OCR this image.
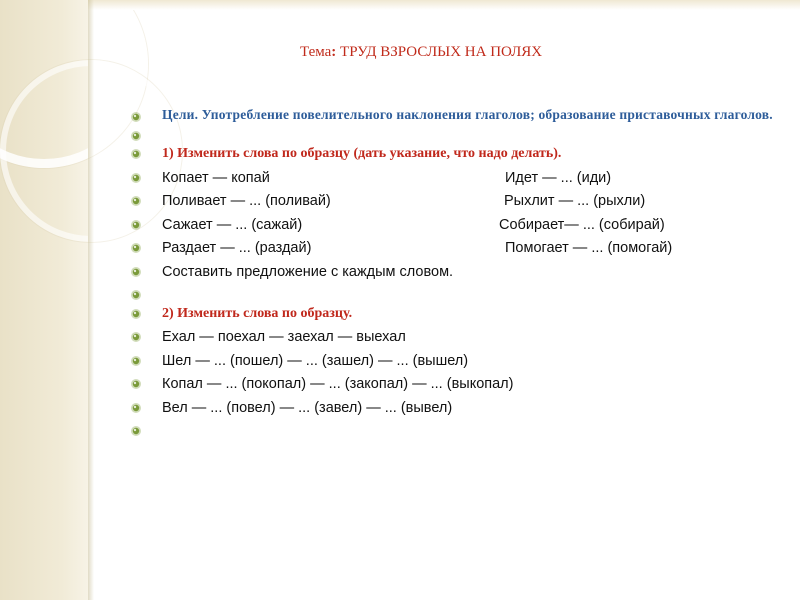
Тема: ТРУД ВЗРОСЛЫХ НА ПОЛЯХ
Цели. Употребление повелительного наклонения глаголов; образование приставочных глаголов.
1) Изменить слова по образцу (дать указание, что надо делать).
Копает — копай	Идет — ... (иди)
Поливает — ... (поливай)	Рыхлит — ... (рыхли)
Сажает — ... (сажай)	Собирает— ... (собирай)
Раздает — ... (раздай)	Помогает — ... (помогай)
Составить предложение с каждым словом.
2) Изменить слова по образцу.
Ехал — поехал — заехал — выехал
Шел — ... (пошел) — ... (зашел) — ... (вышел)
Копал — ... (покопал) — ... (закопал) — ... (выкопал)
Вел — ... (повел) — ... (завел) — ... (вывел)
